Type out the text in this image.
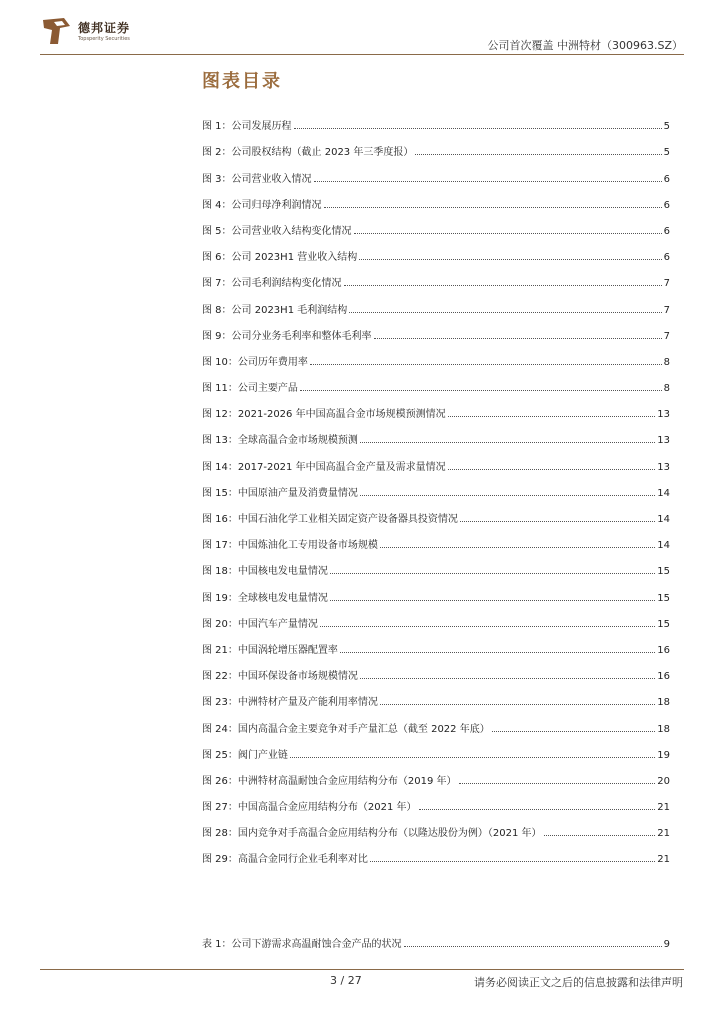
德邦证券
Topsperity Securities	公司首次覆盖 中洲特材（300963.SZ）
图表目录
图 1：公司发展历程	5
图 2：公司股权结构（截止 2023 年三季度报）	5
图 3：公司营业收入情况	6
图 4：公司归母净利润情况	6
图 5：公司营业收入结构变化情况	6
图 6：公司 2023H1 营业收入结构	6
图 7：公司毛利润结构变化情况	7
图 8：公司 2023H1 毛利润结构	7
图 9：公司分业务毛利率和整体毛利率	7
图 10：公司历年费用率	8
图 11：公司主要产品	8
图 12：2021-2026 年中国高温合金市场规模预测情况	13
图 13：全球高温合金市场规模预测	13
图 14：2017-2021 年中国高温合金产量及需求量情况	13
图 15：中国原油产量及消费量情况	14
图 16：中国石油化学工业相关固定资产设备器具投资情况	14
图 17：中国炼油化工专用设备市场规模	14
图 18：中国核电发电量情况	15
图 19：全球核电发电量情况	15
图 20：中国汽车产量情况	15
图 21：中国涡轮增压器配置率	16
图 22：中国环保设备市场规模情况	16
图 23：中洲特材产量及产能利用率情况	18
图 24：国内高温合金主要竞争对手产量汇总（截至 2022 年底）	18
图 25：阀门产业链	19
图 26：中洲特材高温耐蚀合金应用结构分布（2019 年）	20
图 27：中国高温合金应用结构分布（2021 年）	21
图 28：国内竞争对手高温合金应用结构分布（以隆达股份为例）（2021 年）	21
图 29：高温合金同行企业毛利率对比	21
表 1：公司下游需求高温耐蚀合金产品的状况	9
3 / 27	请务必阅读正文之后的信息披露和法律声明
